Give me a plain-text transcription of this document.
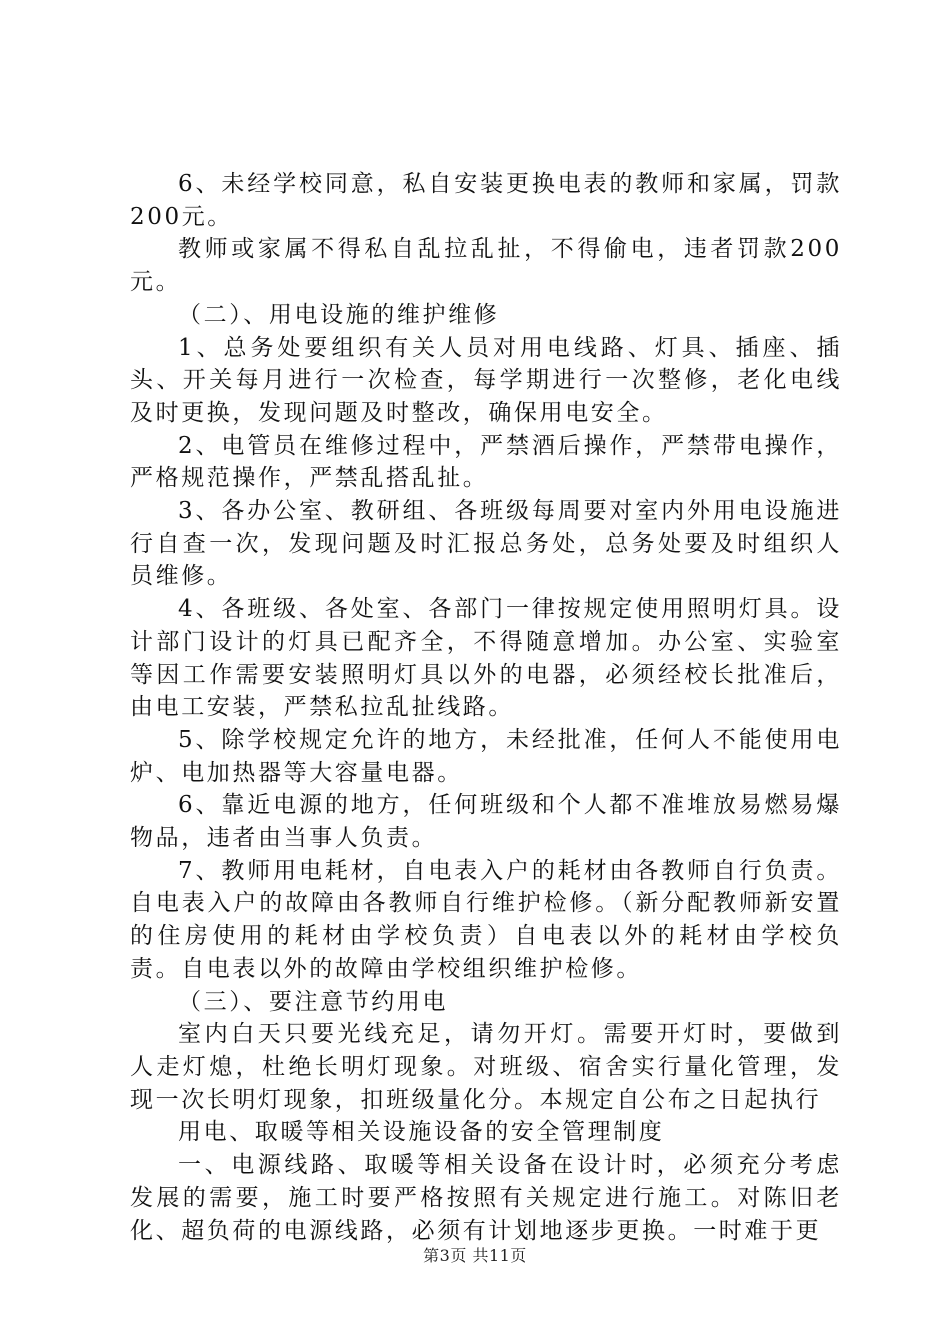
6、未经学校同意，私自安装更换电表的教师和家属，罚款200元。

教师或家属不得私自乱拉乱扯，不得偷电，违者罚款200元。

（二）、用电设施的维护维修

1、总务处要组织有关人员对用电线路、灯具、插座、插头、开关每月进行一次检查，每学期进行一次整修，老化电线及时更换，发现问题及时整改，确保用电安全。

2、电管员在维修过程中，严禁酒后操作，严禁带电操作，严格规范操作，严禁乱搭乱扯。

3、各办公室、教研组、各班级每周要对室内外用电设施进行自查一次，发现问题及时汇报总务处，总务处要及时组织人员维修。

4、各班级、各处室、各部门一律按规定使用照明灯具。设计部门设计的灯具已配齐全，不得随意增加。办公室、实验室等因工作需要安装照明灯具以外的电器，必须经校长批准后，由电工安装，严禁私拉乱扯线路。

5、除学校规定允许的地方，未经批准，任何人不能使用电炉、电加热器等大容量电器。

6、靠近电源的地方，任何班级和个人都不准堆放易燃易爆物品，违者由当事人负责。

7、教师用电耗材，自电表入户的耗材由各教师自行负责。自电表入户的故障由各教师自行维护检修。（新分配教师新安置的住房使用的耗材由学校负责）自电表以外的耗材由学校负责。自电表以外的故障由学校组织维护检修。

（三）、要注意节约用电

室内白天只要光线充足，请勿开灯。需要开灯时，要做到人走灯熄，杜绝长明灯现象。对班级、宿舍实行量化管理，发现一次长明灯现象，扣班级量化分。本规定自公布之日起执行

用电、取暖等相关设施设备的安全管理制度

一、电源线路、取暖等相关设备在设计时，必须充分考虑发展的需要，施工时要严格按照有关规定进行施工。对陈旧老化、超负荷的电源线路，必须有计划地逐步更换。一时难于更

第3页 共11页
